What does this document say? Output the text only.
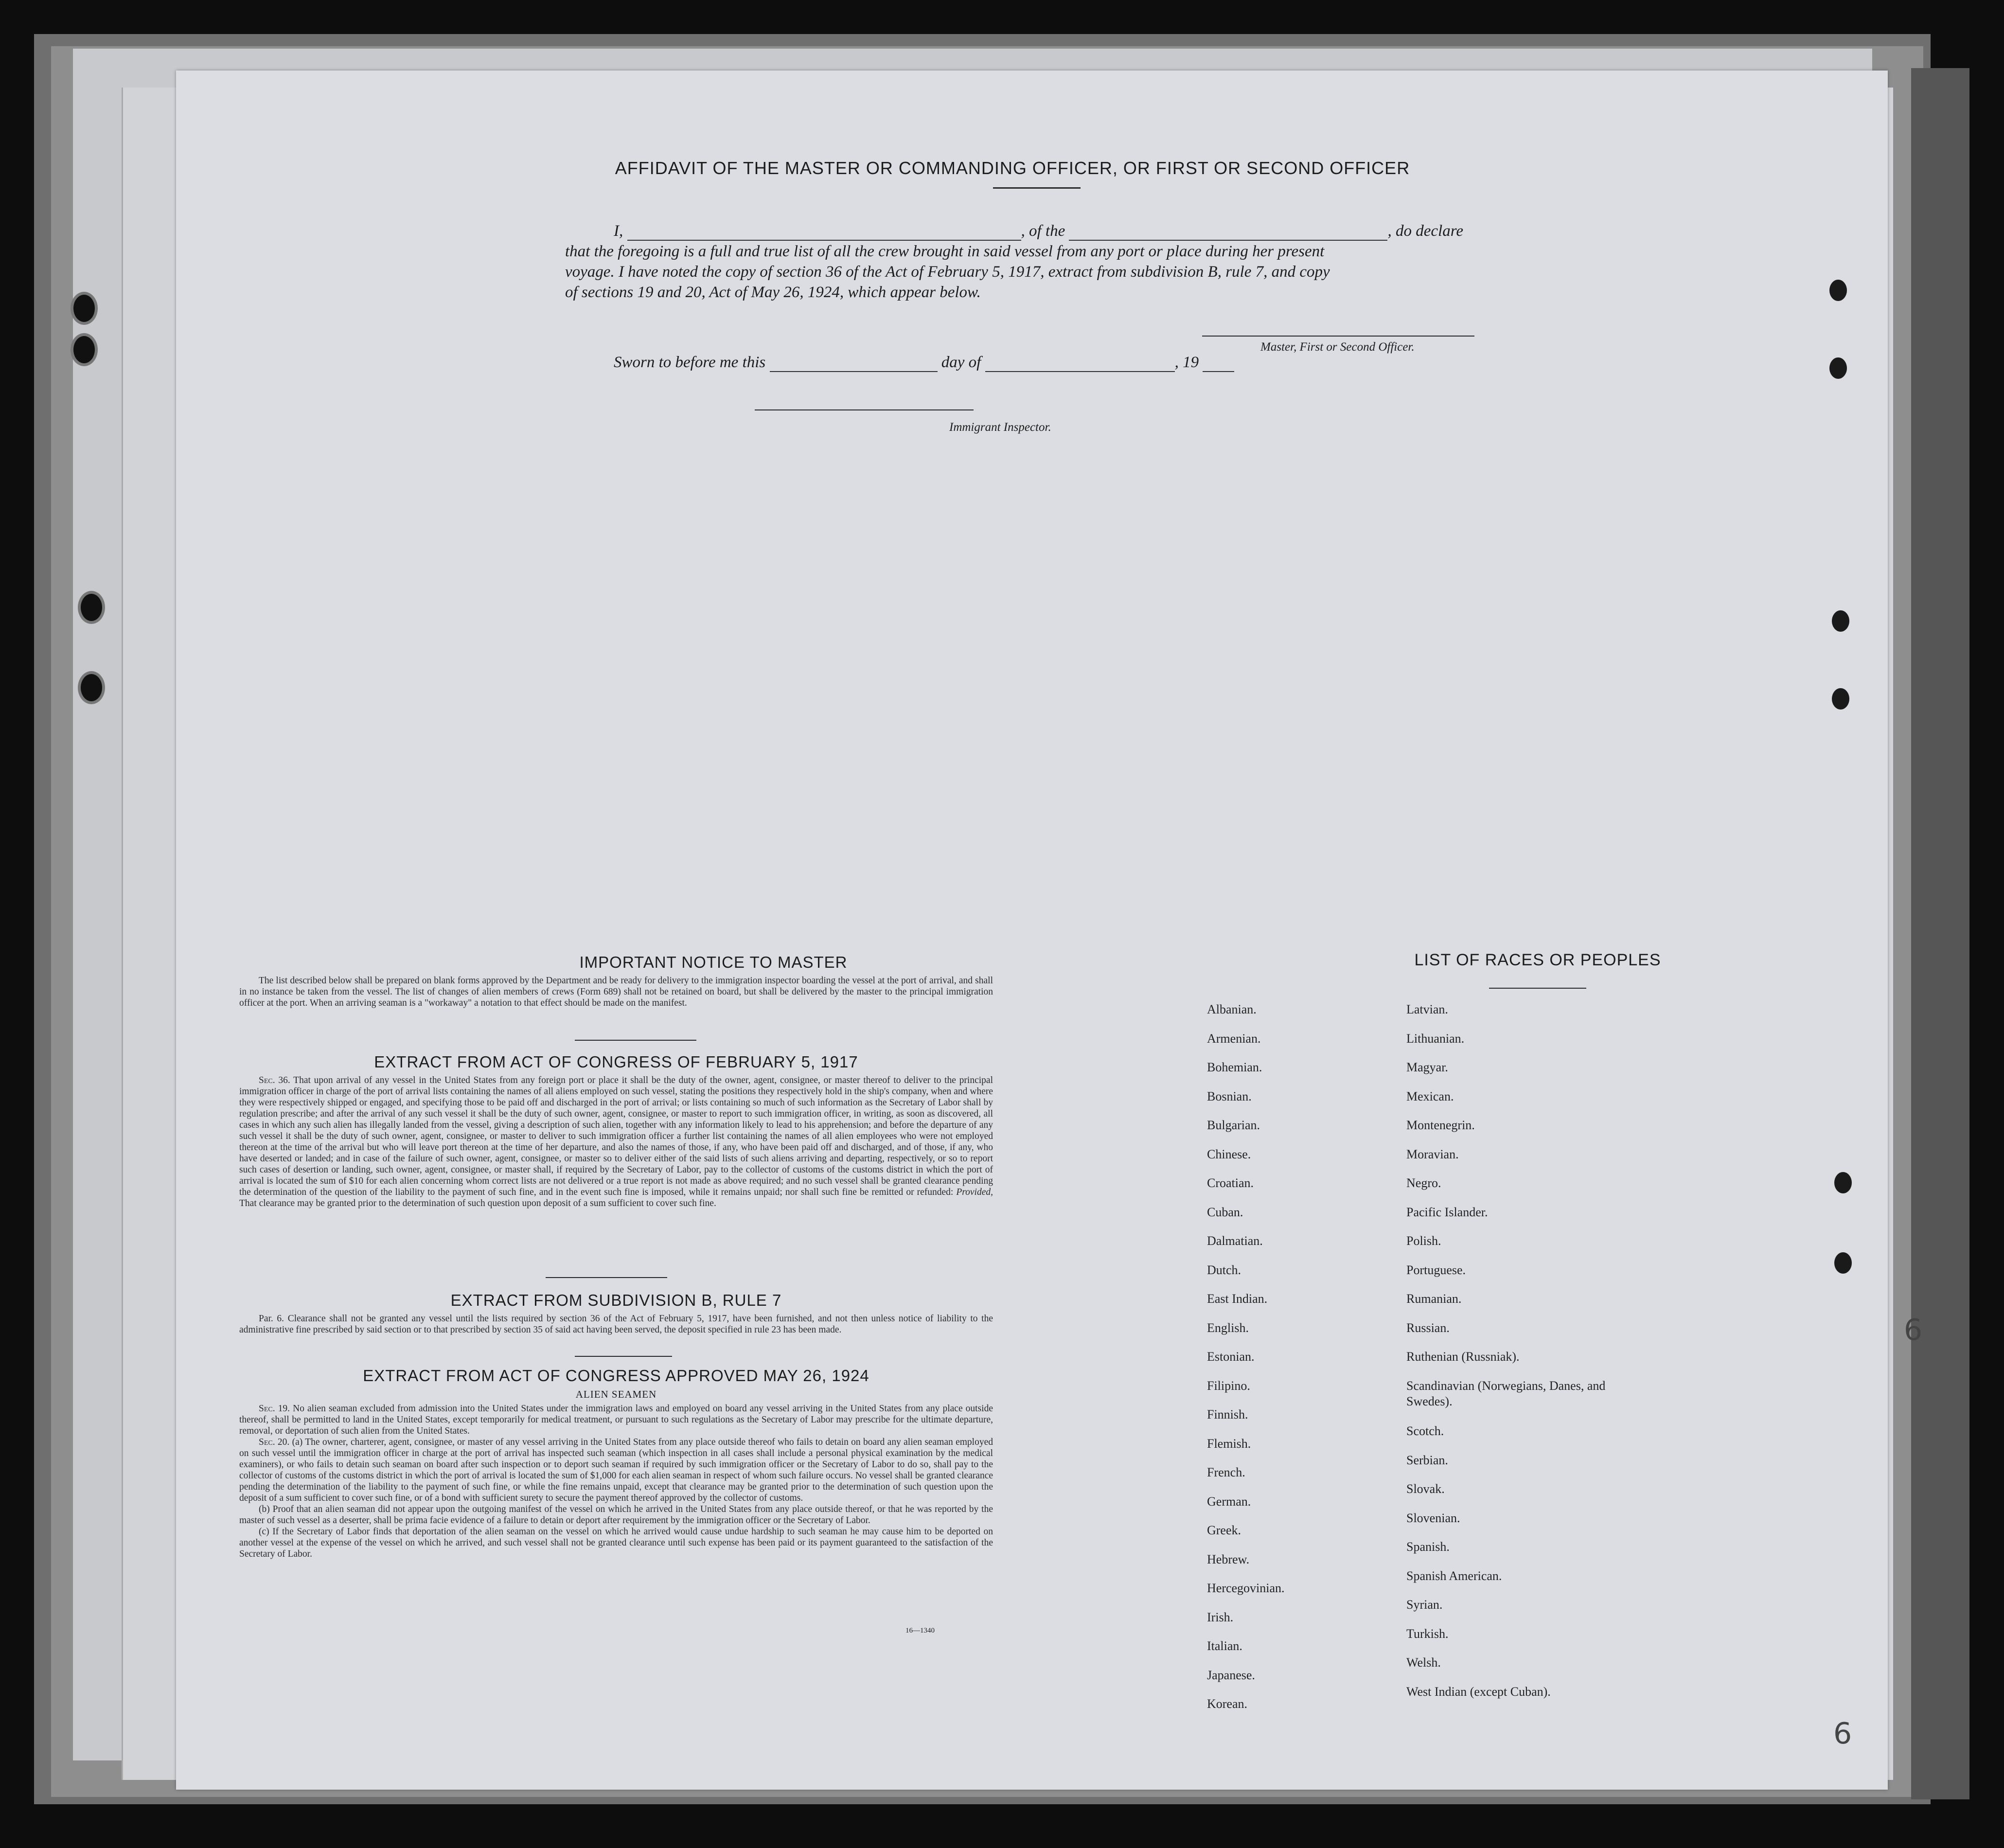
AFFIDAVIT OF THE MASTER OR COMMANDING OFFICER, OR FIRST OR SECOND OFFICER
I,	, of the	, do declare
that the foregoing is a full and true list of all the crew brought in said vessel from any port or place during her present
voyage. I have noted the copy of section 36 of the Act of February 5, 1917, extract from subdivision B, rule 7, and copy
of sections 19 and 20, Act of May 26, 1924, which appear below.
Master, First or Second Officer.
Sworn to before me this	day of	, 19
Immigrant Inspector.
IMPORTANT NOTICE TO MASTER

The list described below shall be prepared on blank forms approved by the Department and be ready for delivery to the immigration inspector boarding the vessel at the port of arrival, and shall in no instance be taken from the vessel. The list of changes of alien members of crews (Form 689) shall not be retained on board, but shall be delivered by the master to the principal immigration officer at the port. When an arriving seaman is a "workaway" a notation to that effect should be made on the manifest.

EXTRACT FROM ACT OF CONGRESS OF FEBRUARY 5, 1917

Sec. 36. That upon arrival of any vessel in the United States from any foreign port or place it shall be the duty of the owner, agent, consignee, or master thereof to deliver to the principal immigration officer in charge of the port of arrival lists containing the names of all aliens employed on such vessel, stating the positions they respectively hold in the ship's company, when and where they were respectively shipped or engaged, and specifying those to be paid off and discharged in the port of arrival; or lists containing so much of such information as the Secretary of Labor shall by regulation prescribe; and after the arrival of any such vessel it shall be the duty of such owner, agent, consignee, or master to report to such immigration officer, in writing, as soon as discovered, all cases in which any such alien has illegally landed from the vessel, giving a description of such alien, together with any information likely to lead to his apprehension; and before the departure of any such vessel it shall be the duty of such owner, agent, consignee, or master to deliver to such immigration officer a further list containing the names of all alien employees who were not employed thereon at the time of the arrival but who will leave port thereon at the time of her departure, and also the names of those, if any, who have been paid off and discharged, and of those, if any, who have deserted or landed; and in case of the failure of such owner, agent, consignee, or master so to deliver either of the said lists of such aliens arriving and departing, respectively, or so to report such cases of desertion or landing, such owner, agent, consignee, or master shall, if required by the Secretary of Labor, pay to the collector of customs of the customs district in which the port of arrival is located the sum of $10 for each alien concerning whom correct lists are not delivered or a true report is not made as above required; and no such vessel shall be granted clearance pending the determination of the question of the liability to the payment of such fine, and in the event such fine is imposed, while it remains unpaid; nor shall such fine be remitted or refunded: Provided, That clearance may be granted prior to the determination of such question upon deposit of a sum sufficient to cover such fine.

EXTRACT FROM SUBDIVISION B, RULE 7

Par. 6. Clearance shall not be granted any vessel until the lists required by section 36 of the Act of February 5, 1917, have been furnished, and not then unless notice of liability to the administrative fine prescribed by said section or to that prescribed by section 35 of said act having been served, the deposit specified in rule 23 has been made.

EXTRACT FROM ACT OF CONGRESS APPROVED MAY 26, 1924
ALIEN SEAMEN

Sec. 19. No alien seaman excluded from admission into the United States under the immigration laws and employed on board any vessel arriving in the United States from any place outside thereof, shall be permitted to land in the United States, except temporarily for medical treatment, or pursuant to such regulations as the Secretary of Labor may prescribe for the ultimate departure, removal, or deportation of such alien from the United States.

Sec. 20. (a) The owner, charterer, agent, consignee, or master of any vessel arriving in the United States from any place outside thereof who fails to detain on board any alien seaman employed on such vessel until the immigration officer in charge at the port of arrival has inspected such seaman (which inspection in all cases shall include a personal physical examination by the medical examiners), or who fails to detain such seaman on board after such inspection or to deport such seaman if required by such immigration officer or the Secretary of Labor to do so, shall pay to the collector of customs of the customs district in which the port of arrival is located the sum of $1,000 for each alien seaman in respect of whom such failure occurs. No vessel shall be granted clearance pending the determination of the liability to the payment of such fine, or while the fine remains unpaid, except that clearance may be granted prior to the determination of such question upon the deposit of a sum sufficient to cover such fine, or of a bond with sufficient surety to secure the payment thereof approved by the collector of customs.

(b) Proof that an alien seaman did not appear upon the outgoing manifest of the vessel on which he arrived in the United States from any place outside thereof, or that he was reported by the master of such vessel as a deserter, shall be prima facie evidence of a failure to detain or deport after requirement by the immigration officer or the Secretary of Labor.

(c) If the Secretary of Labor finds that deportation of the alien seaman on the vessel on which he arrived would cause undue hardship to such seaman he may cause him to be deported on another vessel at the expense of the vessel on which he arrived, and such vessel shall not be granted clearance until such expense has been paid or its payment guaranteed to the satisfaction of the Secretary of Labor.

16—1340
LIST OF RACES OR PEOPLES
Albanian.
Armenian.
Bohemian.
Bosnian.
Bulgarian.
Chinese.
Croatian.
Cuban.
Dalmatian.
Dutch.
East Indian.
English.
Estonian.
Filipino.
Finnish.
Flemish.
French.
German.
Greek.
Hebrew.
Hercegovinian.
Irish.
Italian.
Japanese.
Korean.
Latvian.
Lithuanian.
Magyar.
Mexican.
Montenegrin.
Moravian.
Negro.
Pacific Islander.
Polish.
Portuguese.
Rumanian.
Russian.
Ruthenian (Russniak).
Scandinavian (Norwegians, Danes, and Swedes).
Scotch.
Serbian.
Slovak.
Slovenian.
Spanish.
Spanish American.
Syrian.
Turkish.
Welsh.
West Indian (except Cuban).
6
6
